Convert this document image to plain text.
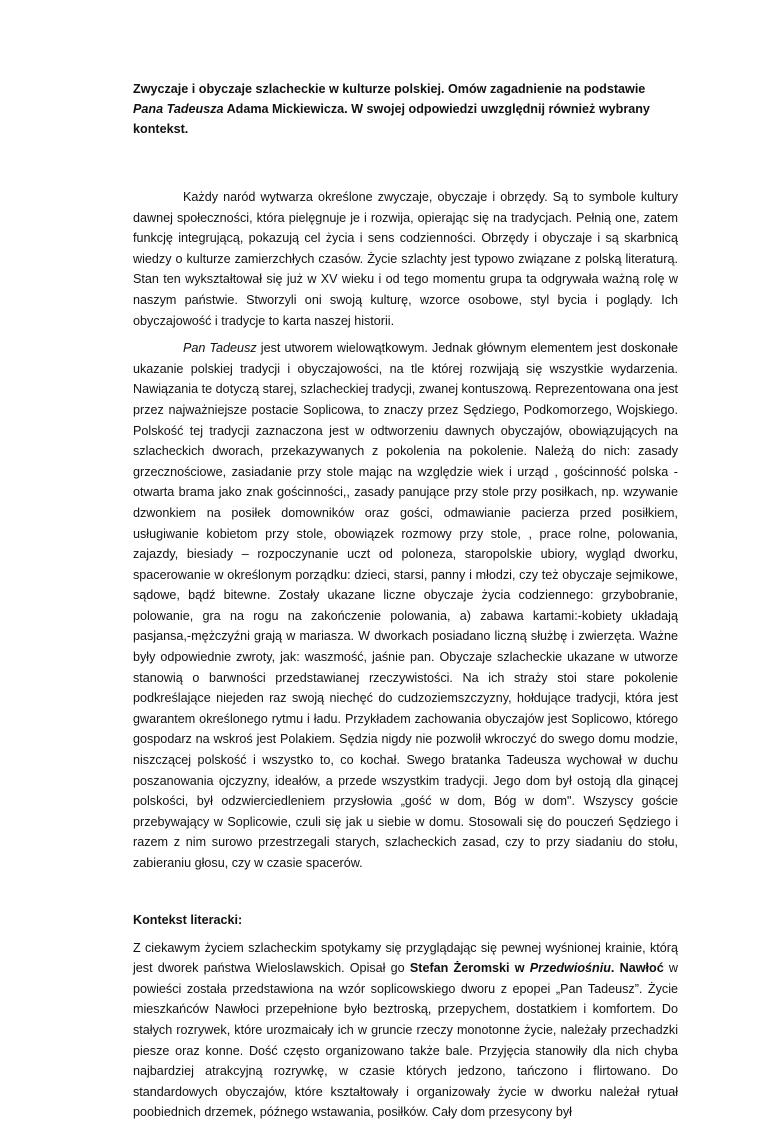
Zwyczaje i obyczaje szlacheckie w kulturze polskiej. Omów zagadnienie na podstawie Pana Tadeusza Adama Mickiewicza. W swojej odpowiedzi uwzględnij również wybrany kontekst.

Każdy naród wytwarza określone zwyczaje, obyczaje i obrzędy. Są to symbole kultury dawnej społeczności, która pielęgnuje je i rozwija, opierając się na tradycjach. Pełnią one, zatem funkcję integrującą, pokazują cel życia i sens codzienności. Obrzędy i obyczaje i są skarbnicą wiedzy o kulturze zamierzchłych czasów. Życie szlachty jest typowo związane z polską literaturą. Stan ten wykształtował się już w XV wieku i od tego momentu grupa ta odgrywała ważną rolę w naszym państwie. Stworzyli oni swoją kulturę, wzorce osobowe, styl bycia i poglądy. Ich obyczajowość i tradycje to karta naszej historii.

Pan Tadeusz jest utworem wielowątkowym. Jednak głównym elementem jest doskonałe ukazanie polskiej tradycji i obyczajowości, na tle której rozwijają się wszystkie wydarzenia. Nawiązania te dotyczą starej, szlacheckiej tradycji, zwanej kontuszową. Reprezentowana ona jest przez najważniejsze postacie Soplicowa, to znaczy przez Sędziego, Podkomorzego, Wojskiego. Polskość tej tradycji zaznaczona jest w odtworzeniu dawnych obyczajów, obowiązujących na szlacheckich dworach, przekazywanych z pokolenia na pokolenie. Należą do nich: zasady grzecznościowe, zasiadanie przy stole mając na względzie wiek i urząd , gościnność polska - otwarta brama jako znak gościnności,, zasady panujące przy stole przy posiłkach, np. wzywanie dzwonkiem na posiłek domowników oraz gości, odmawianie pacierza przed posiłkiem, usługiwanie kobietom przy stole, obowiązek rozmowy przy stole, , prace rolne, polowania, zajazdy, biesiady – rozpoczynanie uczt od poloneza, staropolskie ubiory, wygląd dworku, spacerowanie w określonym porządku: dzieci, starsi, panny i młodzi, czy też obyczaje sejmikowe, sądowe, bądź bitewne. Zostały ukazane liczne obyczaje życia codziennego: grzybobranie, polowanie, gra na rogu na zakończenie polowania, a) zabawa kartami:-kobiety układają pasjansa,-mężczyźni grają w mariasza. W dworkach posiadano liczną służbę i zwierzęta. Ważne były odpowiednie zwroty, jak: waszmość, jaśnie pan. Obyczaje szlacheckie ukazane w utworze stanowią o barwności przedstawianej rzeczywistości. Na ich straży stoi stare pokolenie podkreślające niejeden raz swoją niechęć do cudzoziemszczyzny, hołdujące tradycji, która jest gwarantem określonego rytmu i ładu. Przykładem zachowania obyczajów jest Soplicowo, którego gospodarz na wskroś jest Polakiem. Sędzia nigdy nie pozwolił wkroczyć do swego domu modzie, niszczącej polskość i wszystko to, co kochał. Swego bratanka Tadeusza wychował w duchu poszanowania ojczyzny, ideałów, a przede wszystkim tradycji. Jego dom był ostoją dla ginącej polskości, był odzwierciedleniem przysłowia „gość w dom, Bóg w dom". Wszyscy goście przebywający w Soplicowie, czuli się jak u siebie w domu. Stosowali się do pouczeń Sędziego i razem z nim surowo przestrzegali starych, szlacheckich zasad, czy to przy siadaniu do stołu, zabieraniu głosu, czy w czasie spacerów.

Kontekst literacki:

Z ciekawym życiem szlacheckim spotykamy się przyglądając się pewnej wyśnionej krainie, którą jest dworek państwa Wieloslawskich. Opisał go Stefan Żeromski w Przedwiośniu. Nawłoć w powieści została przedstawiona na wzór soplicowskiego dworu z epopei „Pan Tadeusz”. Życie mieszkańców Nawłoci przepełnione było beztroską, przepychem, dostatkiem i komfortem. Do stałych rozrywek, które urozmaicały ich w gruncie rzeczy monotonne życie, należały przechadzki piesze oraz konne. Dość często organizowano także bale. Przyjęcia stanowiły dla nich chyba najbardziej atrakcyjną rozrywkę, w czasie których jedzono, tańczono i flirtowano. Do standardowych obyczajów, które kształtowały i organizowały życie w dworku należał rytuał poobiednich drzemek, późnego wstawania, posiłków. Cały dom przesycony był
